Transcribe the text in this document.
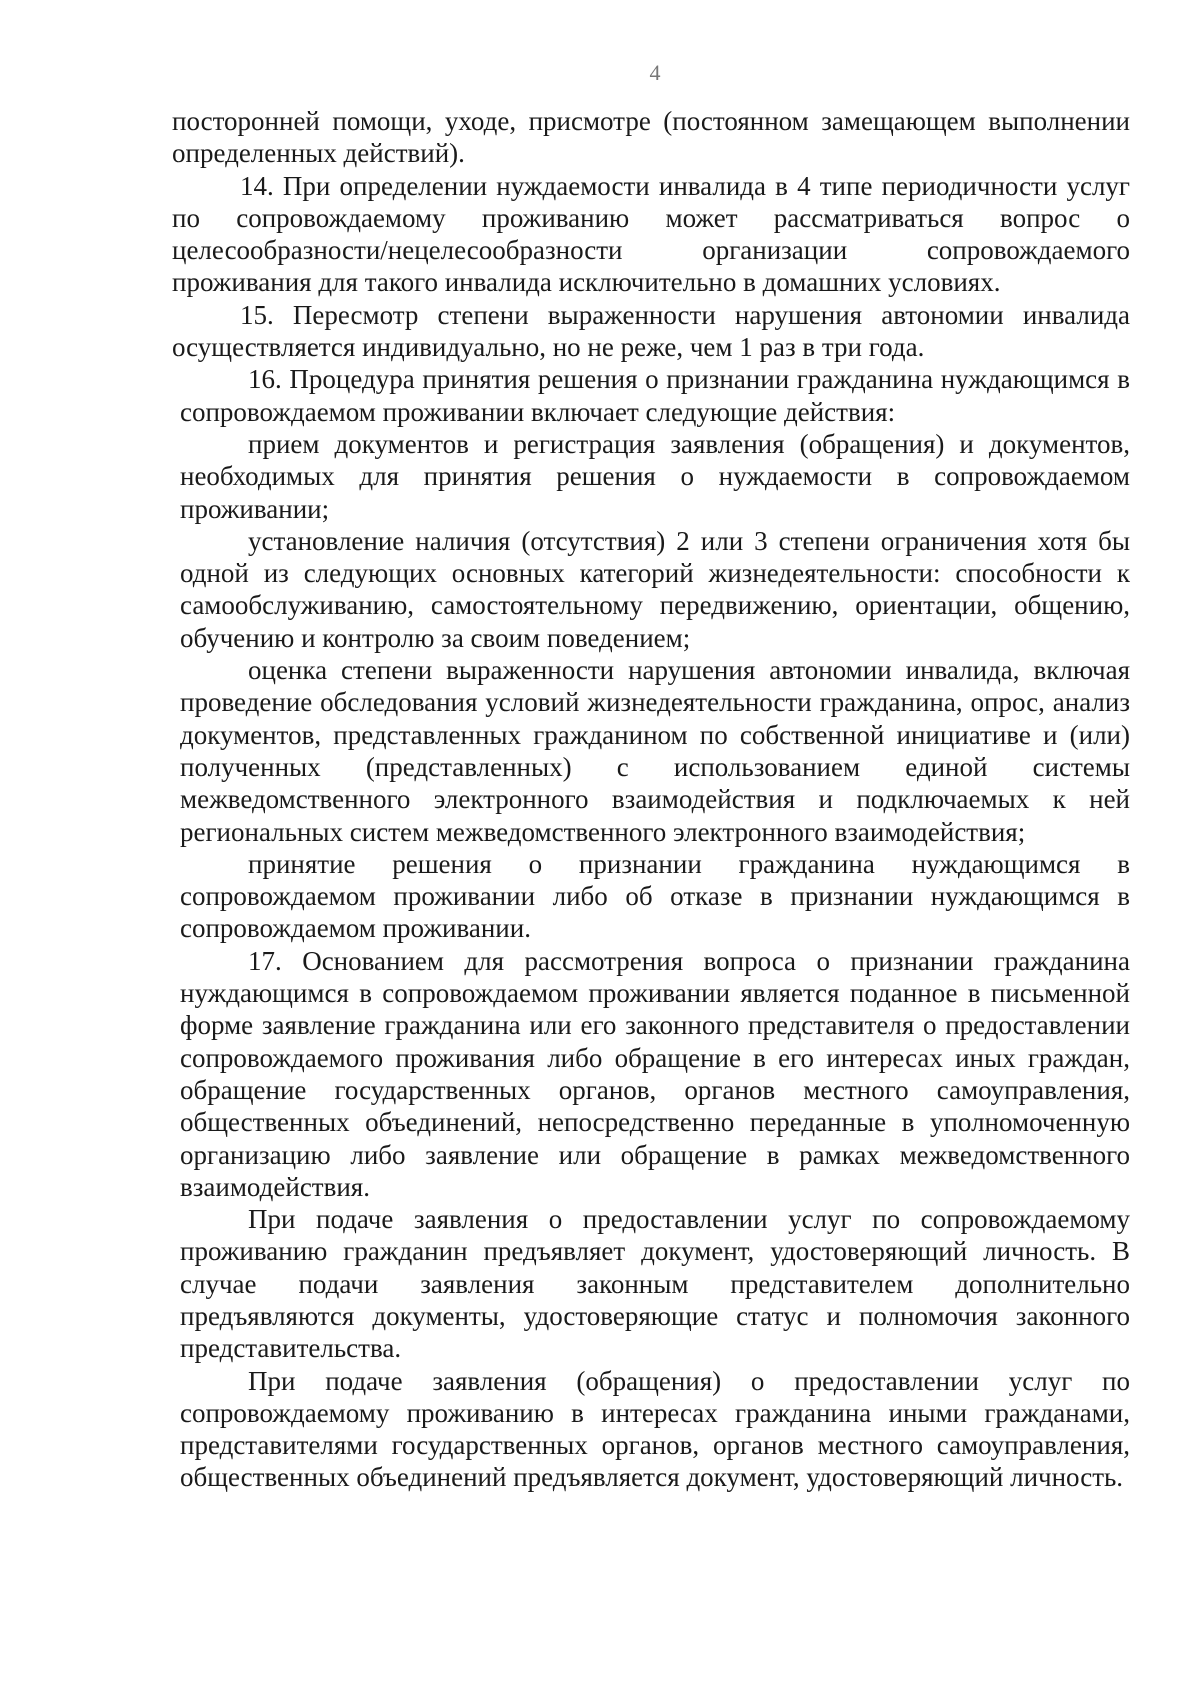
4

посторонней помощи, уходе, присмотре (постоянном замещающем выполнении определенных действий).

14. При определении нуждаемости инвалида в 4 типе периодичности услуг по сопровождаемому проживанию может рассматриваться вопрос о целесообразности/нецелесообразности организации сопровождаемого проживания для такого инвалида исключительно в домашних условиях.

15. Пересмотр степени выраженности нарушения автономии инвалида осуществляется индивидуально, но не реже, чем 1 раз в три года.

16. Процедура принятия решения о признании гражданина нуждающимся в сопровождаемом проживании включает следующие действия:

прием документов и регистрация заявления (обращения) и документов, необходимых для принятия решения о нуждаемости в сопровождаемом проживании;

установление наличия (отсутствия) 2 или 3 степени ограничения хотя бы одной из следующих основных категорий жизнедеятельности: способности к самообслуживанию, самостоятельному передвижению, ориентации, общению, обучению и контролю за своим поведением;

оценка степени выраженности нарушения автономии инвалида, включая проведение обследования условий жизнедеятельности гражданина, опрос, анализ документов, представленных гражданином по собственной инициативе и (или) полученных (представленных) с использованием единой системы межведомственного электронного взаимодействия и подключаемых к ней региональных систем межведомственного электронного взаимодействия;

принятие решения о признании гражданина нуждающимся в сопровождаемом проживании либо об отказе в признании нуждающимся в сопровождаемом проживании.

17. Основанием для рассмотрения вопроса о признании гражданина нуждающимся в сопровождаемом проживании является поданное в письменной форме заявление гражданина или его законного представителя о предоставлении сопровождаемого проживания либо обращение в его интересах иных граждан, обращение государственных органов, органов местного самоуправления, общественных объединений, непосредственно переданные в уполномоченную организацию либо заявление или обращение в рамках межведомственного взаимодействия.

При подаче заявления о предоставлении услуг по сопровождаемому проживанию гражданин предъявляет документ, удостоверяющий личность. В случае подачи заявления законным представителем дополнительно предъявляются документы, удостоверяющие статус и полномочия законного представительства.

При подаче заявления (обращения) о предоставлении услуг по сопровождаемому проживанию в интересах гражданина иными гражданами, представителями государственных органов, органов местного самоуправления, общественных объединений предъявляется документ, удостоверяющий личность.
